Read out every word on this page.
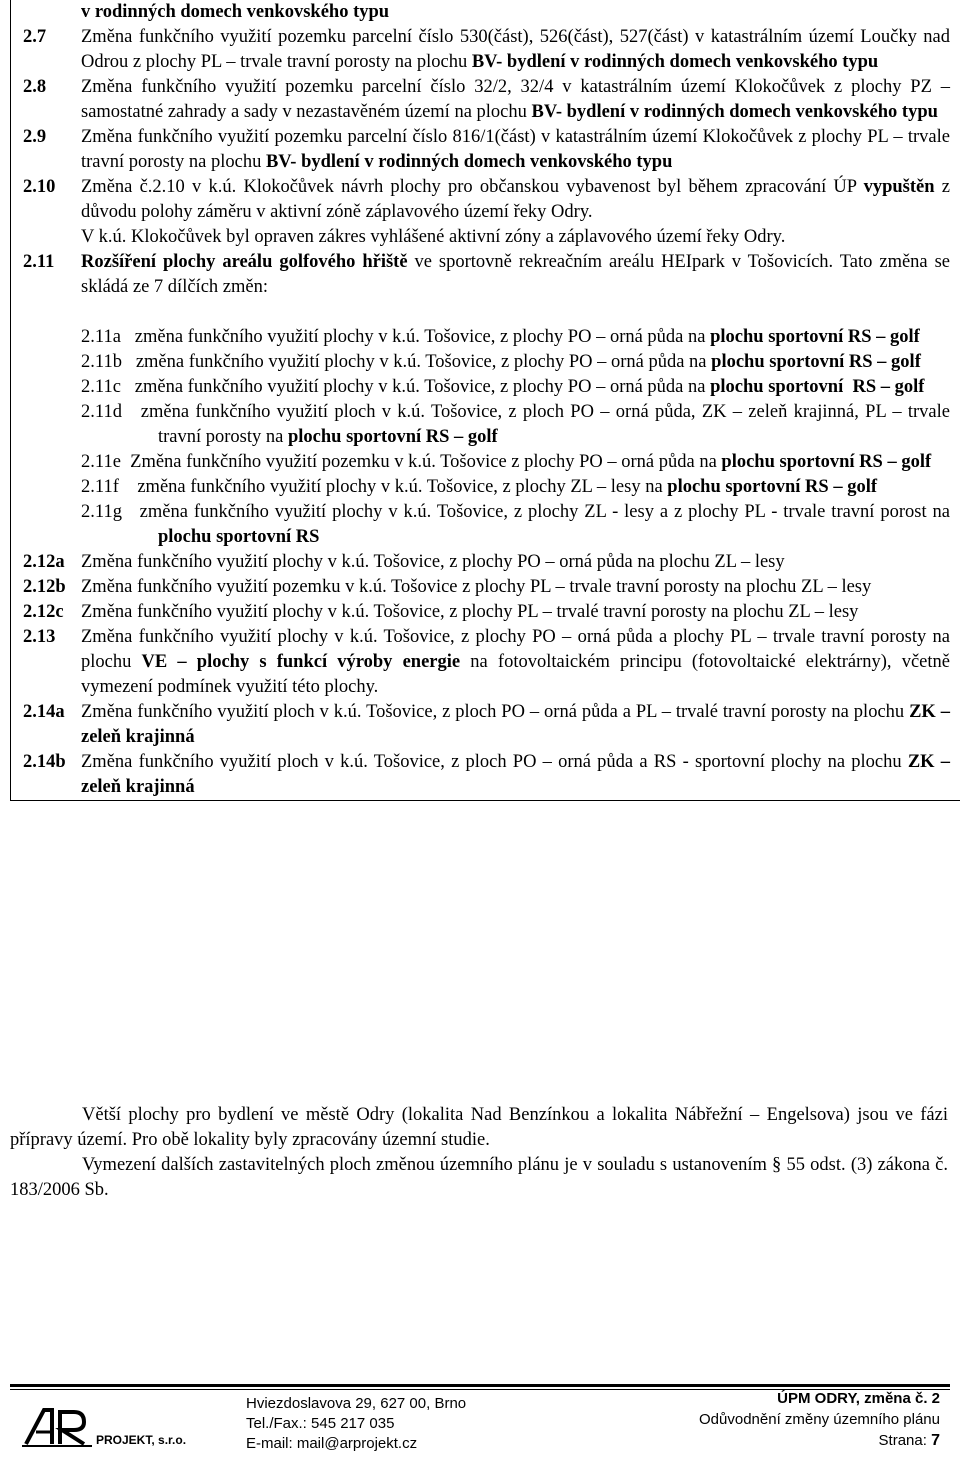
v rodinných domech venkovského typu
2.7	Změna funkčního využití pozemku parcelní číslo 530(část), 526(část), 527(část) v katastrálním území Loučky nad Odrou z plochy PL – trvale travní porosty na plochu BV- bydlení v rodinných domech venkovského typu
2.8	Změna funkčního využití pozemku parcelní číslo 32/2, 32/4 v katastrálním území Klokočůvek z plochy PZ – samostatné zahrady a sady v nezastavěném území na plochu BV- bydlení v rodinných domech venkovského typu
2.9	Změna funkčního využití pozemku parcelní číslo 816/1(část) v katastrálním území Klokočůvek z plochy PL – trvale travní porosty na plochu BV- bydlení v rodinných domech venkovského typu
2.10	Změna č.2.10 v k.ú. Klokočůvek návrh plochy pro občanskou vybavenost byl během zpracování ÚP vypuštěn z důvodu polohy záměru v aktivní zóně záplavového území řeky Odry.
V k.ú. Klokočůvek byl opraven zákres vyhlášené aktivní zóny a záplavového území řeky Odry.
2.11	Rozšíření plochy areálu golfového hřiště ve sportovně rekreačním areálu HEIpark v Tošovicích. Tato změna se skládá ze 7 dílčích změn:
2.11a   změna funkčního využití plochy v k.ú. Tošovice, z plochy PO – orná půda na plochu sportovní RS – golf
2.11b   změna funkčního využití plochy v k.ú. Tošovice, z plochy PO – orná půda na plochu sportovní RS – golf
2.11c   změna funkčního využití plochy v k.ú. Tošovice, z plochy PO – orná půda na plochu sportovní  RS – golf
2.11d   změna funkčního využití ploch v k.ú. Tošovice, z ploch PO – orná půda, ZK – zeleň krajinná, PL – trvale travní porosty na plochu sportovní RS – golf
2.11e  Změna funkčního využití pozemku v k.ú. Tošovice z plochy PO – orná půda na plochu sportovní RS – golf
2.11f    změna funkčního využití plochy v k.ú. Tošovice, z plochy ZL – lesy na plochu sportovní RS – golf
2.11g   změna funkčního využití plochy v k.ú. Tošovice, z plochy ZL - lesy a z plochy PL - trvale travní porost na plochu sportovní RS
2.12a Změna funkčního využití plochy v k.ú. Tošovice, z plochy PO – orná půda na plochu ZL – lesy
2.12b Změna funkčního využití pozemku v k.ú. Tošovice z plochy PL – trvale travní porosty na plochu ZL – lesy
2.12c Změna funkčního využití plochy v k.ú. Tošovice, z plochy PL – trvalé travní porosty na plochu ZL – lesy
2.13	Změna funkčního využití plochy v k.ú. Tošovice, z plochy PO – orná půda a plochy PL – trvale travní porosty na plochu VE – plochy s funkcí výroby energie na fotovoltaickém principu (fotovoltaické elektrárny), včetně vymezení podmínek využití této plochy.
2.14a Změna funkčního využití ploch v k.ú. Tošovice, z ploch PO – orná půda a PL – trvalé travní porosty na plochu ZK – zeleň krajinná
2.14b Změna funkčního využití ploch v k.ú. Tošovice, z ploch PO – orná půda a RS - sportovní plochy na plochu ZK – zeleň krajinná

Větší plochy pro bydlení ve městě Odry (lokalita Nad Benzínkou a lokalita Nábřežní – Engelsova) jsou ve fázi přípravy území. Pro obě lokality byly zpracovány územní studie.

Vymezení dalších zastavitelných ploch změnou územního plánu je v souladu s ustanovením § 55 odst. (3) zákona č. 183/2006 Sb.

PROJEKT, s.r.o.
Hviezdoslavova 29, 627 00, Brno
Tel./Fax.: 545 217 035
E-mail: mail@arprojekt.cz
ÚPM ODRY, změna č. 2
Odůvodnění změny územního plánu
Strana: 7
